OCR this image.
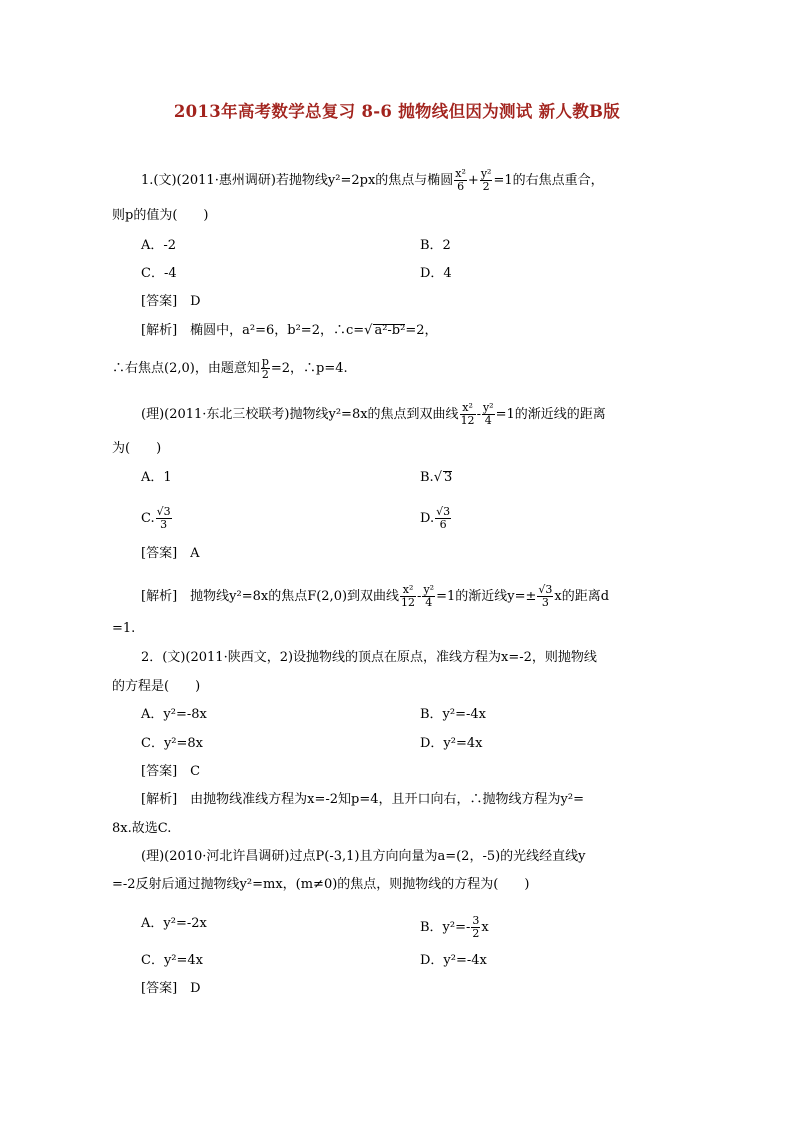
2013年高考数学总复习 8-6 抛物线但因为测试 新人教B版
1.(文)(2011·惠州调研)若抛物线y²=2px的焦点与椭圆 $\frac{\text{x²}}{6} + \frac{\text{y²}}{2} =1$的右焦点重合，
则p的值为(　　)
A．-2	B．2
C．-4	D．4
[答案]　D
[解析]　椭圆中，a²=6，b²=2，∴c=√ a²-b²=2，
∴右焦点(2,0)，由题意知 $\frac{p}{2} =2$，∴p=4.
(理)(2011·东北三校联考)抛物线y²=8x的焦点到双曲线 $\frac{\text{x²}}{12} - \frac{\text{y²}}{4} =1$的渐近线的距离
为(　　)
A．1	B.√ 3
C. $\frac{√3}{3}$	D. $\frac{√3}{6}$
[答案]　A
[解析]　抛物线y²=8x的焦点F(2,0)到双曲线 $\frac{\text{x²}}{12} - \frac{\text{y²}}{4} =1$的渐近线$y=\pm \frac{√3}{3}$ x的距离d
=1.
2．(文)(2011·陕西文，2)设抛物线的顶点在原点，准线方程为x=-2，则抛物线
的方程是(　　)
A．y²=-8x	B．y²=-4x
C．y²=8x	D．y²=4x
[答案]　C
[解析]　由抛物线准线方程为x=-2知p=4，且开口向右，∴抛物线方程为y²=
8x.故选C.
(理)(2010·河北许昌调研)过点P(-3,1)且方向向量为a=(2，-5)的光线经直线y
=-2反射后通过抛物线y²=mx，(m≠0)的焦点，则抛物线的方程为(　　)
A．y²=-2x	B．$y^2=- \frac{3}{2}$ x
C．y²=4x	D．y²=-4x
[答案]　D
